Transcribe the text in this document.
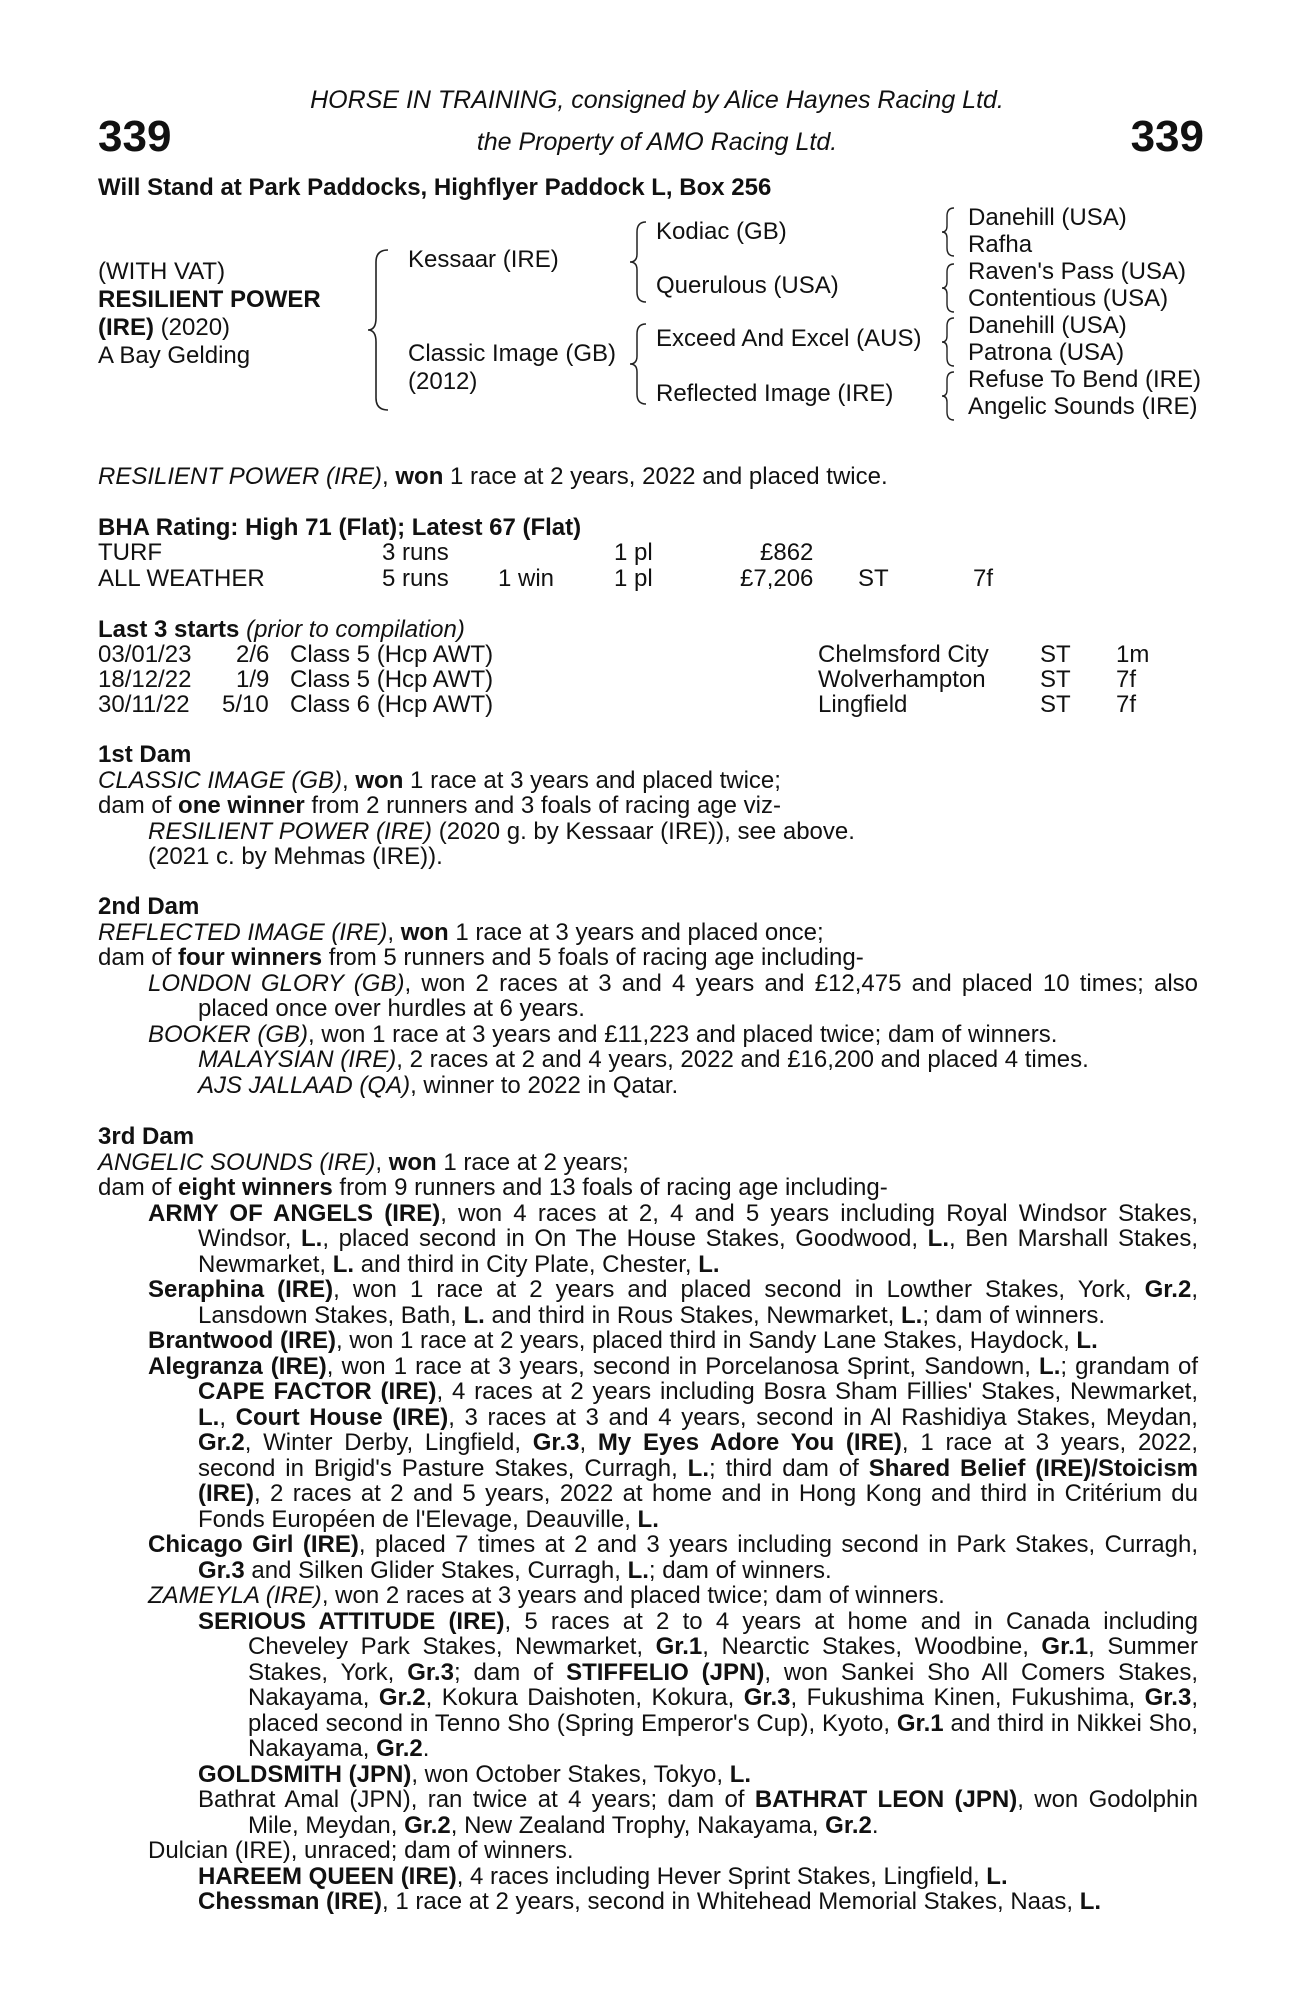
339	339
HORSE IN TRAINING, consigned by Alice Haynes Racing Ltd.
the Property of AMO Racing Ltd.
Will Stand at Park Paddocks, Highflyer Paddock L, Box 256
(WITH VAT)
RESILIENT POWER
(IRE) (2020)
A Bay Gelding
Kessaar (IRE)
Classic Image (GB)
(2012)
Kodiac (GB)
Querulous (USA)
Exceed And Excel (AUS)
Reflected Image (IRE)
Danehill (USA)
Rafha
Raven's Pass (USA)
Contentious (USA)
Danehill (USA)
Patrona (USA)
Refuse To Bend (IRE)
Angelic Sounds (IRE)
RESILIENT POWER (IRE), won 1 race at 2 years, 2022 and placed twice.
BHA Rating: High 71 (Flat); Latest 67 (Flat)
TURF	3 runs	1 pl	£862
ALL WEATHER	5 runs 1 win 1 pl	£7,206 ST	7f
Last 3 starts (prior to compilation)
03/01/23 2/6 Class 5 (Hcp AWT)	Chelmsford City ST 1m
18/12/22 1/9 Class 5 (Hcp AWT)	Wolverhampton ST 7f
30/11/22 5/10 Class 6 (Hcp AWT)	Lingfield	ST 7f

1st Dam

CLASSIC IMAGE (GB), won 1 race at 3 years and placed twice;

dam of one winner from 2 runners and 3 foals of racing age viz-

RESILIENT POWER (IRE) (2020 g. by Kessaar (IRE)), see above.

(2021 c. by Mehmas (IRE)).

2nd Dam

REFLECTED IMAGE (IRE), won 1 race at 3 years and placed once;

dam of four winners from 5 runners and 5 foals of racing age including-

LONDON GLORY (GB), won 2 races at 3 and 4 years and £12,475 and placed 10 times; also placed once over hurdles at 6 years.

BOOKER (GB), won 1 race at 3 years and £11,223 and placed twice; dam of winners.

MALAYSIAN (IRE), 2 races at 2 and 4 years, 2022 and £16,200 and placed 4 times.

AJS JALLAAD (QA), winner to 2022 in Qatar.

3rd Dam

ANGELIC SOUNDS (IRE), won 1 race at 2 years;

dam of eight winners from 9 runners and 13 foals of racing age including-

ARMY OF ANGELS (IRE), won 4 races at 2, 4 and 5 years including Royal Windsor Stakes, Windsor, L., placed second in On The House Stakes, Goodwood, L., Ben Marshall Stakes, Newmarket, L. and third in City Plate, Chester, L.

Seraphina (IRE), won 1 race at 2 years and placed second in Lowther Stakes, York, Gr.2, Lansdown Stakes, Bath, L. and third in Rous Stakes, Newmarket, L.; dam of winners.

Brantwood (IRE), won 1 race at 2 years, placed third in Sandy Lane Stakes, Haydock, L.

Alegranza (IRE), won 1 race at 3 years, second in Porcelanosa Sprint, Sandown, L.; grandam of CAPE FACTOR (IRE), 4 races at 2 years including Bosra Sham Fillies' Stakes, Newmarket, L., Court House (IRE), 3 races at 3 and 4 years, second in Al Rashidiya Stakes, Meydan, Gr.2, Winter Derby, Lingfield, Gr.3, My Eyes Adore You (IRE), 1 race at 3 years, 2022, second in Brigid's Pasture Stakes, Curragh, L.; third dam of Shared Belief (IRE)/Stoicism (IRE), 2 races at 2 and 5 years, 2022 at home and in Hong Kong and third in Critérium du Fonds Européen de l'Elevage, Deauville, L.

Chicago Girl (IRE), placed 7 times at 2 and 3 years including second in Park Stakes, Curragh, Gr.3 and Silken Glider Stakes, Curragh, L.; dam of winners.

ZAMEYLA (IRE), won 2 races at 3 years and placed twice; dam of winners.

SERIOUS ATTITUDE (IRE), 5 races at 2 to 4 years at home and in Canada including Cheveley Park Stakes, Newmarket, Gr.1, Nearctic Stakes, Woodbine, Gr.1, Summer Stakes, York, Gr.3; dam of STIFFELIO (JPN), won Sankei Sho All Comers Stakes, Nakayama, Gr.2, Kokura Daishoten, Kokura, Gr.3, Fukushima Kinen, Fukushima, Gr.3, placed second in Tenno Sho (Spring Emperor's Cup), Kyoto, Gr.1 and third in Nikkei Sho, Nakayama, Gr.2.

GOLDSMITH (JPN), won October Stakes, Tokyo, L.

Bathrat Amal (JPN), ran twice at 4 years; dam of BATHRAT LEON (JPN), won Godolphin Mile, Meydan, Gr.2, New Zealand Trophy, Nakayama, Gr.2.

Dulcian (IRE), unraced; dam of winners.

HAREEM QUEEN (IRE), 4 races including Hever Sprint Stakes, Lingfield, L.

Chessman (IRE), 1 race at 2 years, second in Whitehead Memorial Stakes, Naas, L.
